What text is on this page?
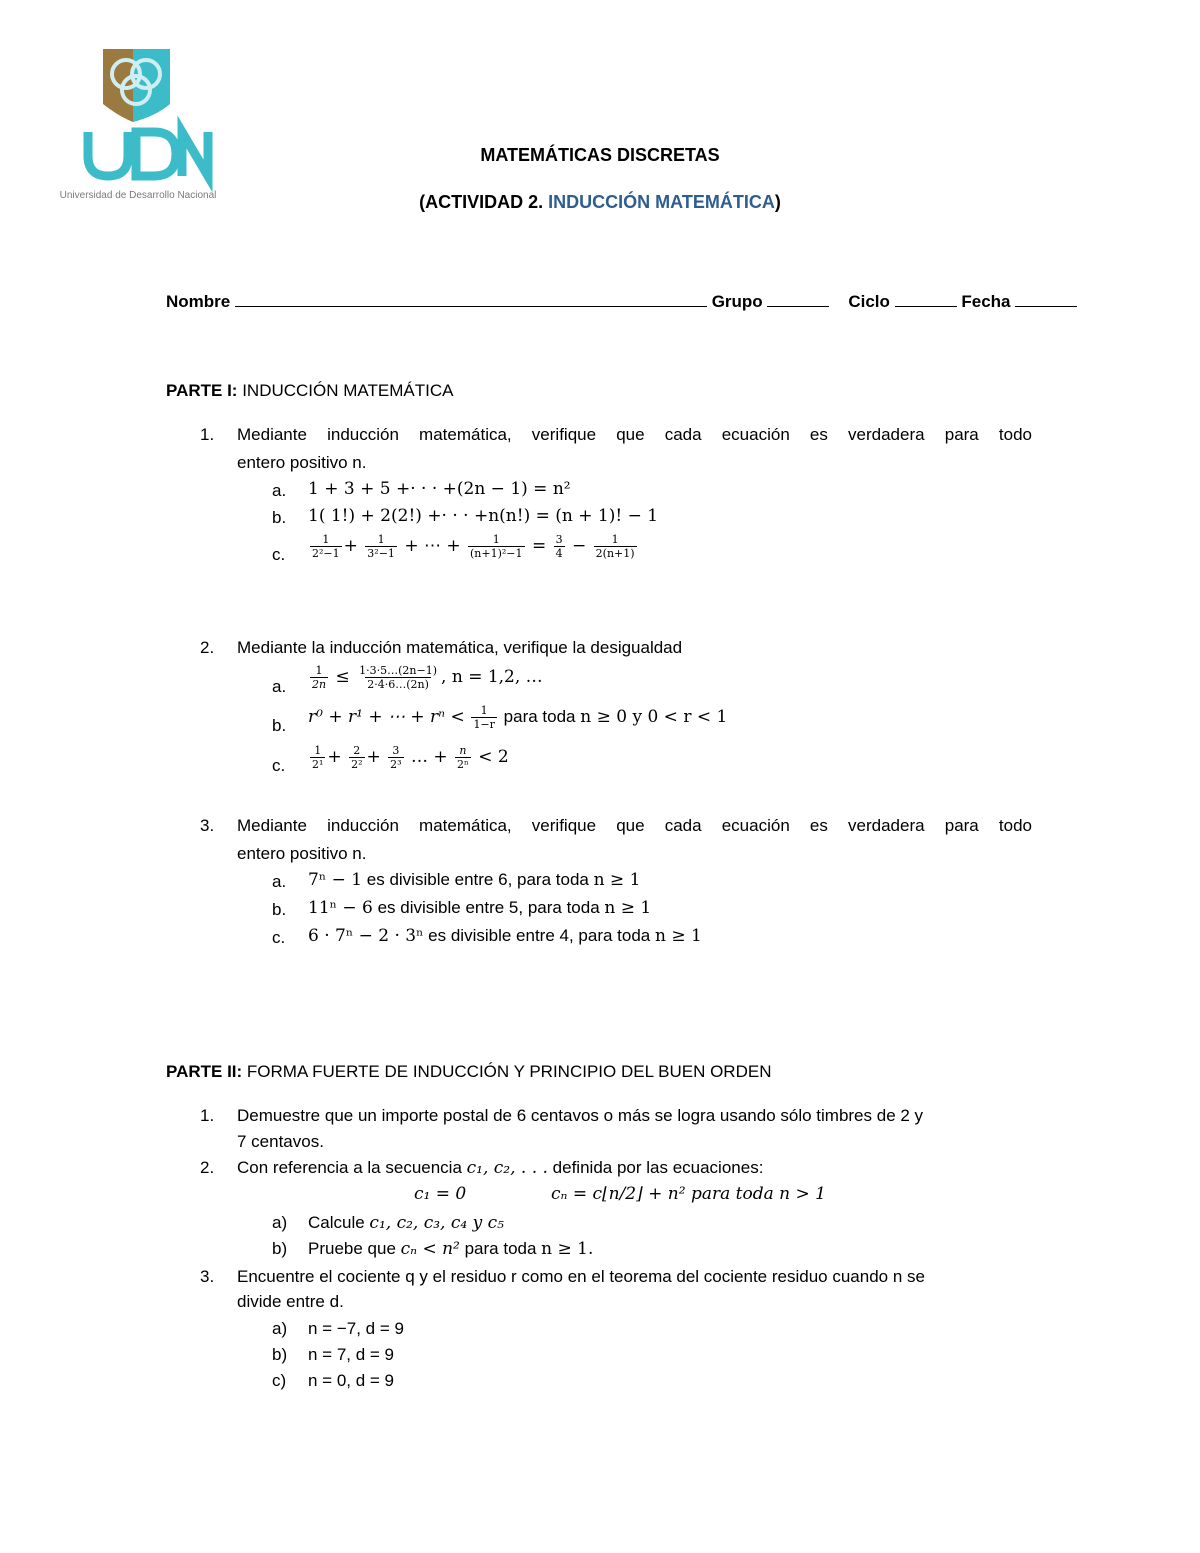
Universidad de Desarrollo Nacional
MATEMÁTICAS DISCRETAS
(ACTIVIDAD 2. INDUCCIÓN MATEMÁTICA)
Nombre	Grupo	Ciclo	Fecha
PARTE I: INDUCCIÓN MATEMÁTICA
1. Mediante inducción matemática, verifique que cada ecuación es verdadera para todo
entero positivo n.
a. 1 + 3 + 5 +· · · +(2n − 1) = n²
b. 1( 1!) + 2(2!) +· · · +n(n!) = (n + 1)! − 1
c. $\frac{1}{\text{2²−1}} + \frac{1}{\text{3²−1}}$ + ⋯ + $\frac{1}{\text{(n+1)²−1}} = \frac{3}{4} - \frac{1}{2(n+1)}$
2. Mediante la inducción matemática, verifique la desigualdad
a. $\frac{1}{2n} \le \frac{1\cdot 3\cdot 5\dots(2n-1)}{2\cdot 4\cdot 6\dots(2n)}$ , n = 1,2, …
b. r⁰ + r¹ + ⋯ + $r^n < \frac{1}{1-r}$ para toda n ≥ 0 y 0 < r < 1
c. $\frac{1}{\text{2¹}} + \frac{2}{\text{2²}} + \frac{3}{\text{2³}}$ … + $\frac{n}{\text{2ⁿ}} < 2$
3. Mediante inducción matemática, verifique que cada ecuación es verdadera para todo
entero positivo n.
a. 7ⁿ − 1 es divisible entre 6, para toda n ≥ 1
b. 11ⁿ − 6 es divisible entre 5, para toda n ≥ 1
c. 6 · 7ⁿ − 2 · 3ⁿ es divisible entre 4, para toda n ≥ 1
PARTE II: FORMA FUERTE DE INDUCCIÓN Y PRINCIPIO DEL BUEN ORDEN
1. Demuestre que un importe postal de 6 centavos o más se logra usando sólo timbres de 2 y
7 centavos.
2. Con referencia a la secuencia c₁, c₂, . . . definida por las ecuaciones:
c₁ = 0	cₙ = c⌊n/2⌋ + n² para toda n > 1
a) Calcule c₁, c₂, c₃, c₄ y c₅
b) Pruebe que cₙ < n² para toda n ≥ 1.
3. Encuentre el cociente q y el residuo r como en el teorema del cociente residuo cuando n se
divide entre d.
a) n = −7, d = 9
b) n = 7, d = 9
c) n = 0, d = 9
